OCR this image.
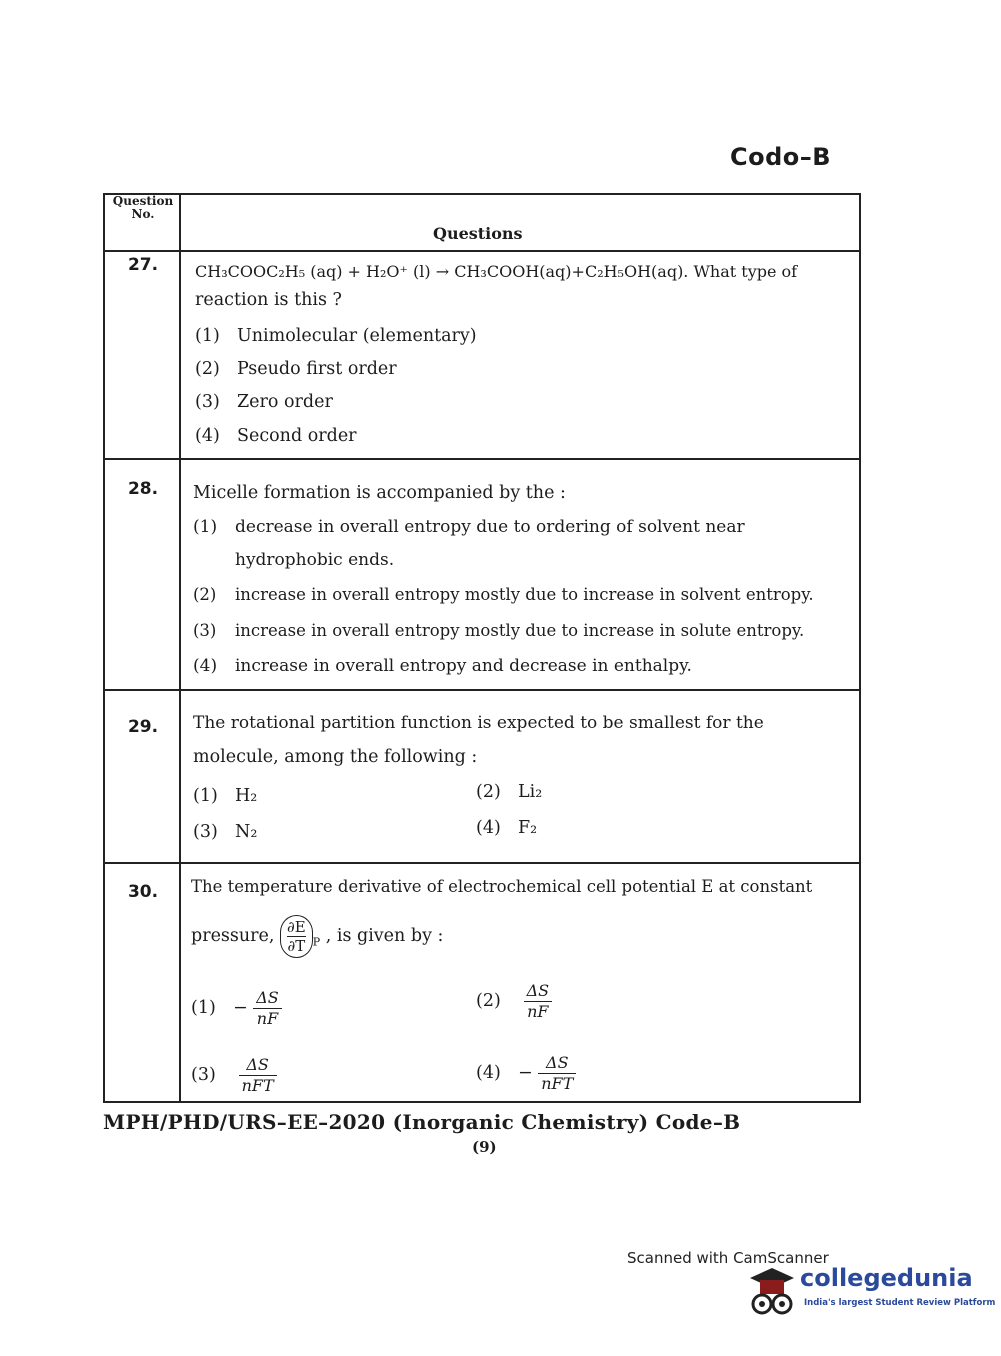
Codo–B
Question No.
Questions
27.	CH₃COOC₂H₅ (aq) + H₂O⁺ (l) → CH₃COOH(aq)+C₂H₅OH(aq). What type of
reaction is this ?
(1) Unimolecular (elementary)
(2) Pseudo first order
(3) Zero order
(4) Second order
28.	Micelle formation is accompanied by the :
(1) decrease in overall entropy due to ordering of solvent near
hydrophobic ends.
(2) increase in overall entropy mostly due to increase in solvent entropy.
(3) increase in overall entropy mostly due to increase in solute entropy.
(4) increase in overall entropy and decrease in enthalpy.
29.	The rotational partition function is expected to be smallest for the
molecule, among the following :
(1) H₂	(2) Li₂
(3) N₂	(4) F₂
30.	The temperature derivative of electrochemical cell potential E at constant
pressure, $\frac{\partial E}{\partial T}_P$ , is given by :
$(1) - \frac{\Delta S}{nF}$	$(2) \frac{\Delta S}{nF}$
$(3) \frac{\Delta S}{\text{nFT}}$	$(4) - \frac{\Delta S}{\text{nFT}}$
MPH/PHD/URS–EE–2020 (Inorganic Chemistry) Code–B
(9)
Scanned with CamScanner
collegedunia
India's largest Student Review Platform
